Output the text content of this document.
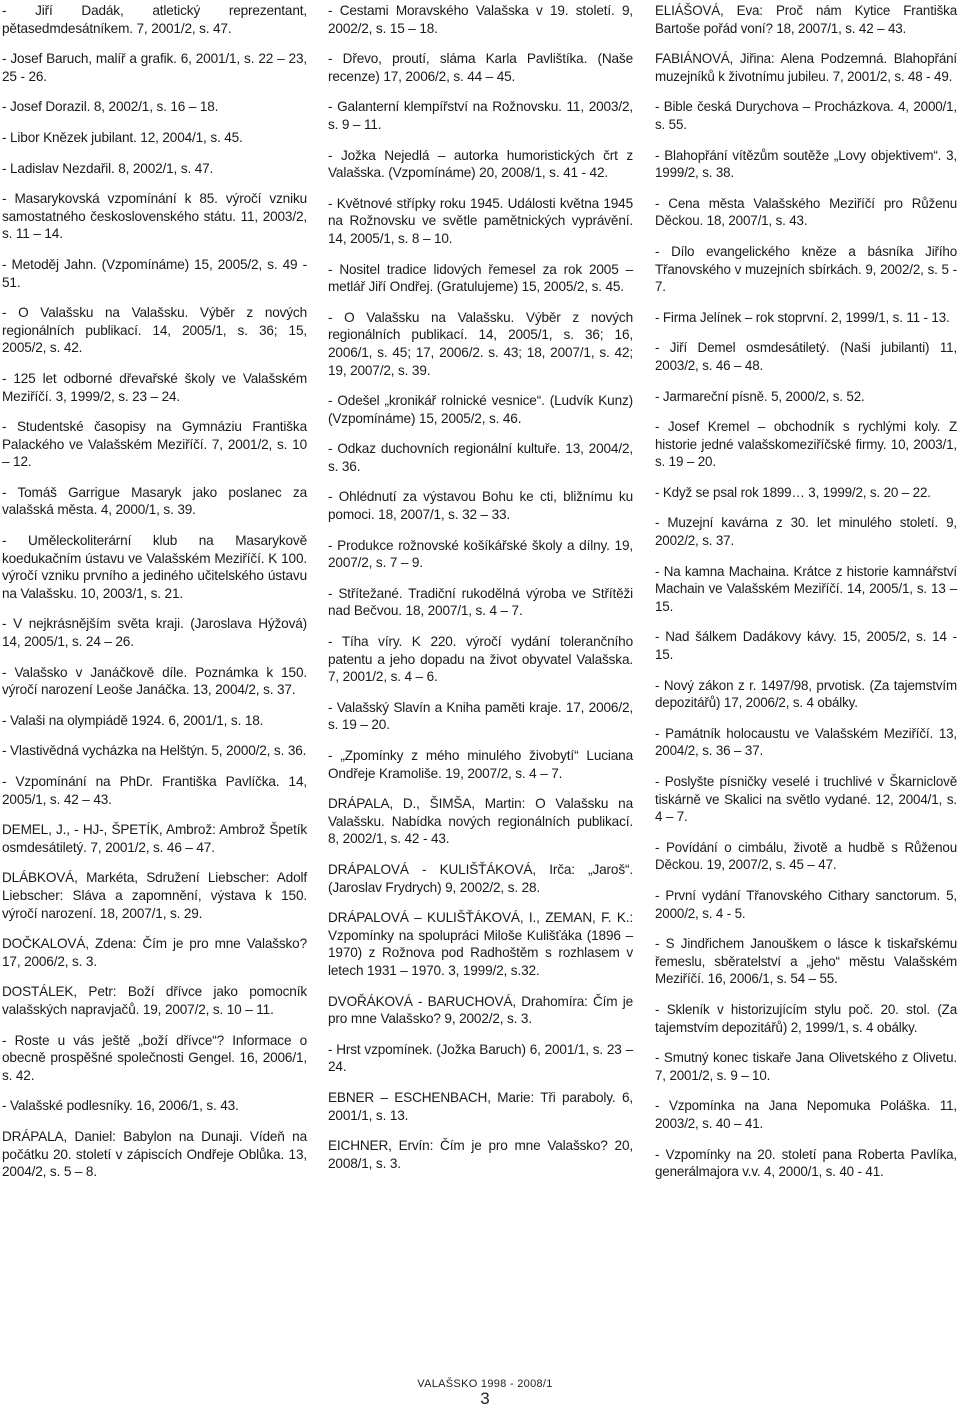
- Jiří Dadák, atletický reprezentant, pětasedmdesátníkem. 7, 2001/2, s. 47.

- Josef Baruch, malíř a grafik. 6, 2001/1, s. 22 – 23, 25 - 26.

- Josef Dorazil. 8, 2002/1, s. 16 – 18.

- Libor Knězek jubilant. 12, 2004/1, s. 45.

- Ladislav Nezdařil. 8, 2002/1, s. 47.

- Masarykovská vzpomínání k 85. výročí vzniku samostatného československého státu. 11, 2003/2, s. 11 – 14.

- Metoděj Jahn. (Vzpomínáme) 15, 2005/2, s. 49 - 51.

- O Valašsku na Valašsku. Výběr z nových regionálních publikací. 14, 2005/1, s. 36; 15, 2005/2, s. 42.

- 125 let odborné dřevařské školy ve Valašském Meziříčí. 3, 1999/2, s. 23 – 24.

- Studentské časopisy na Gymnáziu Františka Palackého ve Valašském Meziříčí. 7, 2001/2, s. 10 – 12.

- Tomáš Garrigue Masaryk jako poslanec za valašská města. 4, 2000/1, s. 39.

- Uměleckoliterární klub na Masarykově koedukačním ústavu ve Valašském Meziříčí. K 100. výročí vzniku prvního a jediného učitelského ústavu na Valašsku. 10, 2003/1, s. 21.

- V nejkrásnějším světa kraji. (Jaroslava Hýžová) 14, 2005/1, s. 24 – 26.

- Valašsko v Janáčkově díle. Poznámka k 150. výročí narození Leoše Janáčka. 13, 2004/2, s. 37.

- Valaši na olympiádě 1924. 6, 2001/1, s. 18.

- Vlastivědná vycházka na Helštýn. 5, 2000/2, s. 36.

- Vzpomínání na PhDr. Františka Pavlíčka. 14, 2005/1, s. 42 – 43.

DEMEL, J., - HJ-, ŠPETÍK, Ambrož: Ambrož Špetík osmdesátiletý. 7, 2001/2, s. 46 – 47.

DLÁBKOVÁ, Markéta, Sdružení Liebscher: Adolf Liebscher: Sláva a zapomnění, výstava k 150. výročí narození. 18, 2007/1, s. 29.

DOČKALOVÁ, Zdena: Čím je pro mne Valašsko? 17, 2006/2, s. 3.

DOSTÁLEK, Petr: Boží dřívce jako pomocník valašských napravjačů. 19, 2007/2, s. 10 – 11.

- Roste u vás ještě „boží dřívce“? Informace o obecně prospěšné společnosti Gengel. 16, 2006/1, s. 42.

- Valašské podlesníky. 16, 2006/1, s. 43.

DRÁPALA, Daniel: Babylon na Dunaji. Vídeň na počátku 20. století v zápiscích Ondřeje Oblůka. 13, 2004/2, s. 5 – 8.

- Cestami Moravského Valašska v 19. století. 9, 2002/2, s. 15 – 18.

- Dřevo, proutí, sláma Karla Pavlištíka. (Naše recenze) 17, 2006/2, s. 44 – 45.

- Galanterní klempířství na Rožnovsku. 11, 2003/2, s. 9 – 11.

- Jožka Nejedlá – autorka humoristických črt z Valašska. (Vzpomínáme) 20, 2008/1, s. 41 - 42.

- Květnové střípky roku 1945. Události května 1945 na Rožnovsku ve světle pamětnických vyprávění. 14, 2005/1, s. 8 – 10.

- Nositel tradice lidových řemesel za rok 2005 – metlář Jiří Ondřej. (Gratulujeme) 15, 2005/2, s. 45.

- O Valašsku na Valašsku. Výběr z nových regionálních publikací. 14, 2005/1, s. 36; 16, 2006/1, s. 45; 17, 2006/2. s. 43; 18, 2007/1, s. 42; 19, 2007/2, s. 39.

- Odešel „kronikář rolnické vesnice“. (Ludvík Kunz) (Vzpomínáme) 15, 2005/2, s. 46.

- Odkaz duchovních regionální kultuře. 13, 2004/2, s. 36.

- Ohlédnutí za výstavou Bohu ke cti, bližnímu ku pomoci. 18, 2007/1, s. 32 – 33.

- Produkce rožnovské košíkářské školy a dílny. 19, 2007/2, s. 7 – 9.

- Střítežané. Tradiční rukodělná výroba ve Střítěži nad Bečvou. 18, 2007/1, s. 4 – 7.

- Tíha víry. K 220. výročí vydání tolerančního patentu a jeho dopadu na život obyvatel Valašska. 7, 2001/2, s. 4 – 6.

- Valašský Slavín a Kniha paměti kraje. 17, 2006/2, s. 19 – 20.

- „Zpomínky z mého minulého živobytí“ Luciana Ondřeje Kramoliše. 19, 2007/2, s. 4 – 7.

DRÁPALA, D., ŠIMŠA, Martin: O Valašsku na Valašsku. Nabídka nových regionálních publikací. 8, 2002/1, s. 42 - 43.

DRÁPALOVÁ - KULIŠŤÁKOVÁ, Irča: „Jaroš“. (Jaroslav Frydrych) 9, 2002/2, s. 28.

DRÁPALOVÁ – KULIŠŤÁKOVÁ, I., ZEMAN, F. K.: Vzpomínky na spolupráci Miloše Kulišťáka (1896 – 1970) z Rožnova pod Radhoštěm s rozhlasem v letech 1931 – 1970. 3, 1999/2, s.32.

DVOŘÁKOVÁ - BARUCHOVÁ, Drahomíra: Čím je pro mne Valašsko? 9, 2002/2, s. 3.

- Hrst vzpomínek. (Jožka Baruch) 6, 2001/1, s. 23 – 24.

EBNER – ESCHENBACH, Marie: Tři paraboly. 6, 2001/1, s. 13.

EICHNER, Ervín: Čím je pro mne Valašsko? 20, 2008/1, s. 3.

ELIÁŠOVÁ, Eva: Proč nám Kytice Františka Bartoše pořád voní? 18, 2007/1, s. 42 – 43.

FABIÁNOVÁ, Jiřina: Alena Podzemná. Blahopřání muzejníků k životnímu jubileu. 7, 2001/2, s. 48 - 49.

- Bible česká Durychova – Procházkova. 4, 2000/1, s. 55.

- Blahopřání vítězům soutěže „Lovy objektivem“. 3, 1999/2, s. 38.

- Cena města Valašského Meziříčí pro Růženu Děckou. 18, 2007/1, s. 43.

- Dílo evangelického kněze a básníka Jiřího Třanovského v muzejních sbírkách. 9, 2002/2, s. 5 - 7.

- Firma Jelínek – rok stoprvní. 2, 1999/1, s. 11 - 13.

- Jiří Demel osmdesátiletý. (Naši jubilanti) 11, 2003/2, s. 46 – 48.

- Jarmareční písně. 5, 2000/2, s. 52.

- Josef Kremel – obchodník s rychlými koly. Z historie jedné valašskomeziříčské firmy. 10, 2003/1, s. 19 – 20.

- Když se psal rok 1899… 3, 1999/2, s. 20 – 22.

- Muzejní kavárna z 30. let minulého století. 9, 2002/2, s. 37.

- Na kamna Machaina. Krátce z historie kamnářství Machain ve Valašském Meziříčí. 14, 2005/1, s. 13 – 15.

- Nad šálkem Dadákovy kávy. 15, 2005/2, s. 14 - 15.

- Nový zákon z r. 1497/98, prvotisk. (Za tajemstvím depozitářů) 17, 2006/2, s. 4 obálky.

- Památník holocaustu ve Valašském Meziříčí. 13, 2004/2, s. 36 – 37.

- Poslyšte písničky veselé i truchlivé v Škarniclově tiskárně ve Skalici na světlo vydané. 12, 2004/1, s. 4 – 7.

- Povídání o cimbálu, životě a hudbě s Růženou Děckou. 19, 2007/2, s. 45 – 47.

- První vydání Třanovského Cithary sanctorum. 5, 2000/2, s. 4 - 5.

- S Jindřichem Janouškem o lásce k tiskařskému řemeslu, sběratelství a „jeho“ městu Valašském Meziříčí. 16, 2006/1, s. 54 – 55.

- Skleník v historizujícím stylu poč. 20. stol. (Za tajemstvím depozitářů) 2, 1999/1, s. 4 obálky.

- Smutný konec tiskaře Jana Olivetského z Olivetu. 7, 2001/2, s. 9 – 10.

- Vzpomínka na Jana Nepomuka Poláška. 11, 2003/2, s. 40 – 41.

- Vzpomínky na 20. století pana Roberta Pavlíka, generálmajora v.v. 4, 2000/1, s. 40 - 41.

VALAŠSKO 1998 - 2008/1
3
